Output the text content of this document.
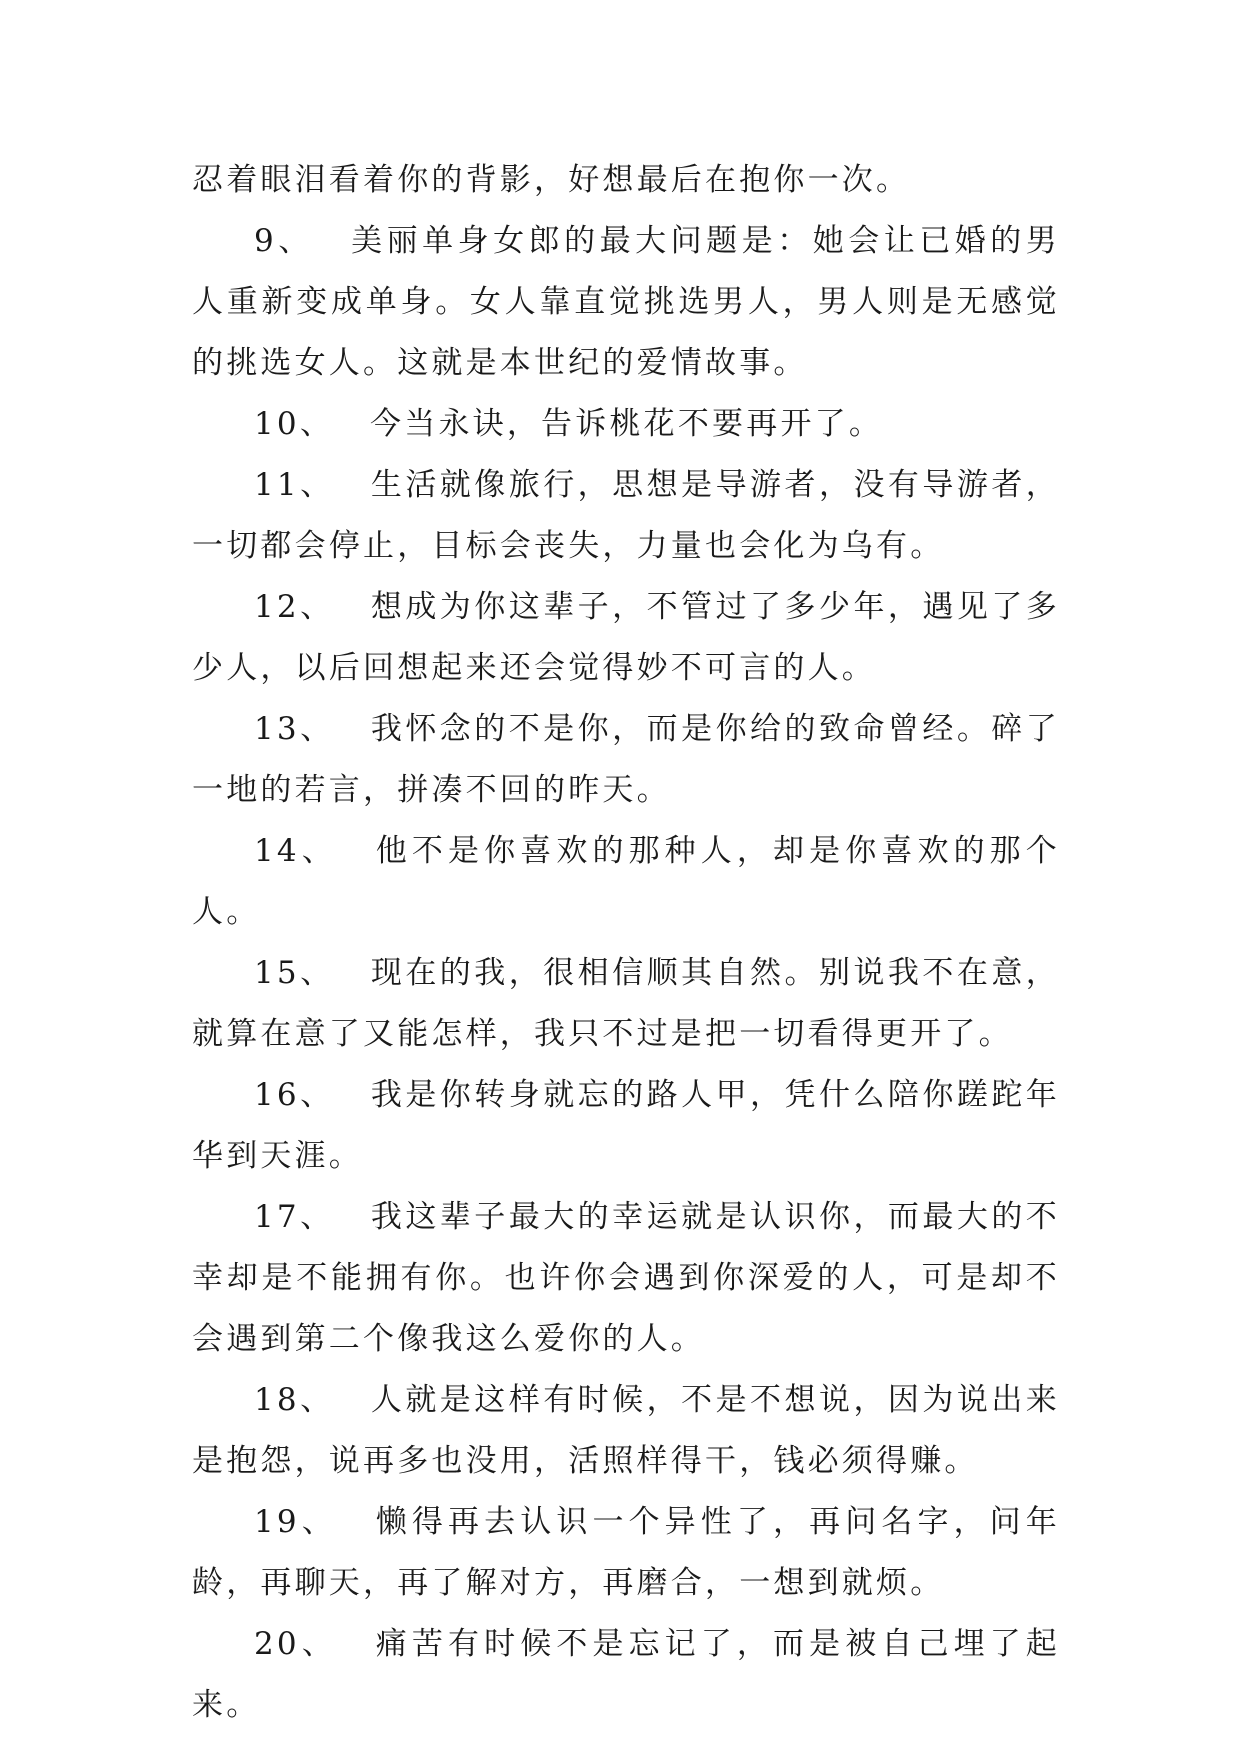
忍着眼泪看着你的背影，好想最后在抱你一次。

9、 美丽单身女郎的最大问题是：她会让已婚的男人重新变成单身。女人靠直觉挑选男人，男人则是无感觉的挑选女人。这就是本世纪的爱情故事。

10、 今当永诀，告诉桃花不要再开了。

11、 生活就像旅行，思想是导游者，没有导游者，一切都会停止，目标会丧失，力量也会化为乌有。

12、 想成为你这辈子，不管过了多少年，遇见了多少人，以后回想起来还会觉得妙不可言的人。

13、 我怀念的不是你，而是你给的致命曾经。碎了一地的若言，拼凑不回的昨天。

14、 他不是你喜欢的那种人，却是你喜欢的那个人。

15、 现在的我，很相信顺其自然。别说我不在意，就算在意了又能怎样，我只不过是把一切看得更开了。

16、 我是你转身就忘的路人甲，凭什么陪你蹉跎年华到天涯。

17、 我这辈子最大的幸运就是认识你，而最大的不幸却是不能拥有你。也许你会遇到你深爱的人，可是却不会遇到第二个像我这么爱你的人。

18、 人就是这样有时候，不是不想说，因为说出来是抱怨，说再多也没用，活照样得干，钱必须得赚。

19、 懒得再去认识一个异性了，再问名字，问年龄，再聊天，再了解对方，再磨合，一想到就烦。

20、 痛苦有时候不是忘记了，而是被自己埋了起来。
